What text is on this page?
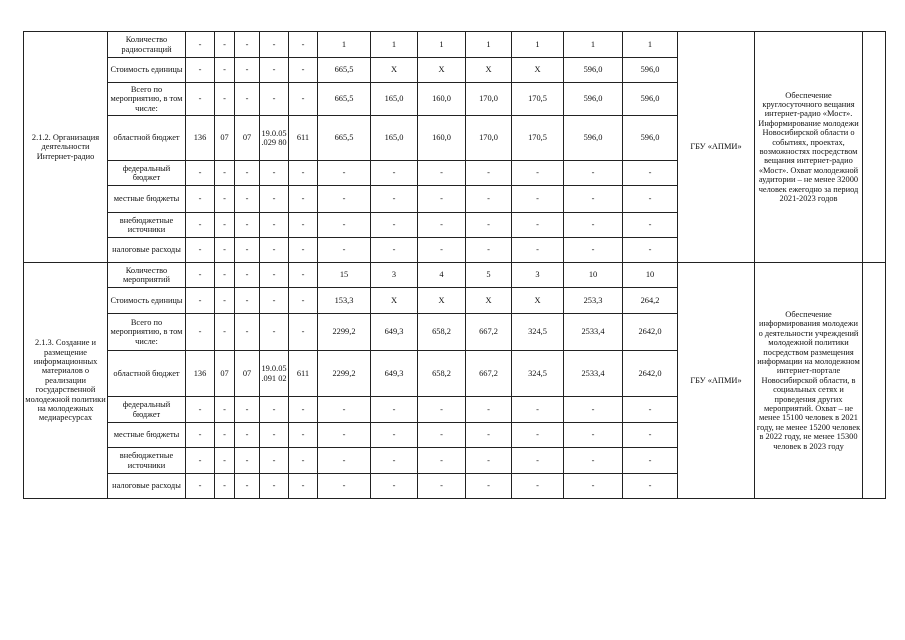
2.1.2. Организация деятельности Интернет-радио	Количество радиостанций	-	-	-	-	-	1	1	1	1	1	1	1	ГБУ «АПМИ»	Обеспечение круглосуточного вещания интернет-радио «Мост». Информирование молодежи Новосибирской области о событиях, проектах, возможностях посредством вещания интернет-радио «Мост». Охват молодежной аудитории – не менее 32000 человек ежегодно за период 2021-2023 годов	
	Стоимость единицы	-	-	-	-	-	665,5	X	X	X	X	596,0	596,0			
	Всего по мероприятию, в том числе:	-	-	-	-	-	665,5	165,0	160,0	170,0	170,5	596,0	596,0			
	областной бюджет	136	07	07	19.0.05.029 80	611	665,5	165,0	160,0	170,0	170,5	596,0	596,0			
	федеральный бюджет	-	-	-	-	-	-	-	-	-	-	-	-			
	местные бюджеты	-	-	-	-	-	-	-	-	-	-	-	-			
	внебюджетные источники	-	-	-	-	-	-	-	-	-	-	-	-			
	налоговые расходы	-	-	-	-	-	-	-	-	-	-	-	-			
2.1.3. Создание и размещение информационных материалов о реализации государственной молодежной политики на молодежных медиаресурсах	Количество мероприятий	-	-	-	-	-	15	3	4	5	3	10	10	ГБУ «АПМИ»	Обеспечение информирования молодежи о деятельности учреждений молодежной политики посредством размещения информации на молодежном интернет-портале Новосибирской области, в социальных сетях и проведения других мероприятий. Охват – не менее 15100 человек в 2021 году, не менее 15200 человек в 2022 году, не менее 15300 человек в 2023 году	
	Стоимость единицы	-	-	-	-	-	153,3	X	X	X	X	253,3	264,2			
	Всего по мероприятию, в том числе:	-	-	-	-	-	2299,2	649,3	658,2	667,2	324,5	2533,4	2642,0			
	областной бюджет	136	07	07	19.0.05.091 02	611	2299,2	649,3	658,2	667,2	324,5	2533,4	2642,0			
	федеральный бюджет	-	-	-	-	-	-	-	-	-	-	-	-			
	местные бюджеты	-	-	-	-	-	-	-	-	-	-	-	-			
	внебюджетные источники	-	-	-	-	-	-	-	-	-	-	-	-			
	налоговые расходы	-	-	-	-	-	-	-	-	-	-	-	-			
